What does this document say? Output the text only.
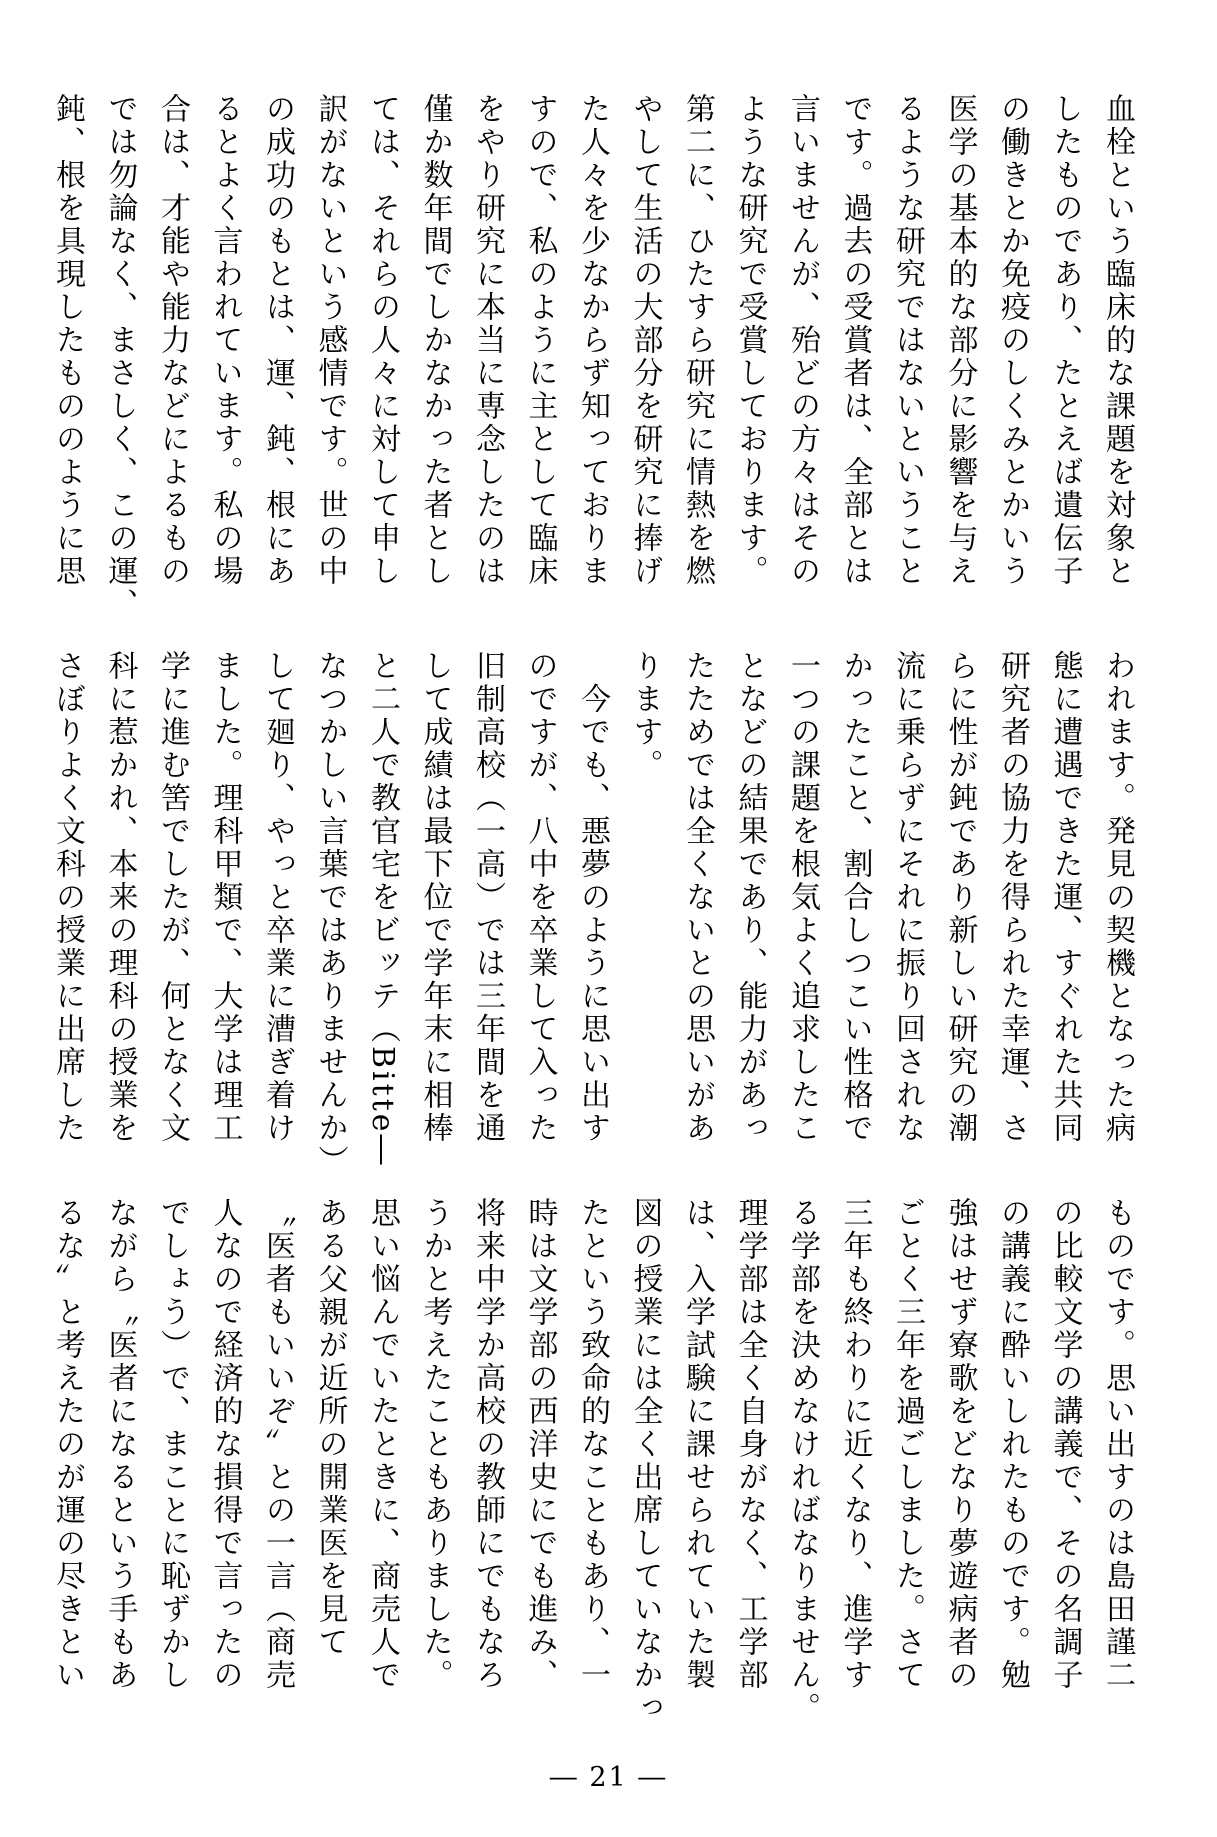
血栓という臨床的な課題を対象と

したものであり、たとえば遺伝子

の働きとか免疫のしくみとかいう

医学の基本的な部分に影響を与え

るような研究ではないということ

です。過去の受賞者は、全部とは

言いませんが、殆どの方々はその

ような研究で受賞しております。

第二に、ひたすら研究に情熱を燃

やして生活の大部分を研究に捧げ

た人々を少なからず知っておりま

すので、私のように主として臨床

をやり研究に本当に専念したのは

僅か数年間でしかなかった者とし

ては、それらの人々に対して申し

訳がないという感情です。世の中

の成功のもとは、運、鈍、根にあ

るとよく言われています。私の場

合は、才能や能力などによるもの

では勿論なく、まさしく、この運、

鈍、根を具現したもののように思

われます。発見の契機となった病

態に遭遇できた運、すぐれた共同

研究者の協力を得られた幸運、さ

らに性が鈍であり新しい研究の潮

流に乗らずにそれに振り回されな

かったこと、割合しつこい性格で

一つの課題を根気よく追求したこ

となどの結果であり、能力があっ

たためでは全くないとの思いがあ

ります。

　今でも、悪夢のように思い出す

のですが、八中を卒業して入った

旧制高校（一高）では三年間を通

して成績は最下位で学年末に相棒

と二人で教官宅をビッテ（Bitte―

なつかしい言葉ではありませんか）

して廻り、やっと卒業に漕ぎ着け

ました。理科甲類で、大学は理工

学に進む筈でしたが、何となく文

科に惹かれ、本来の理科の授業を

さぼりよく文科の授業に出席した

ものです。思い出すのは島田謹二

の比較文学の講義で、その名調子

の講義に酔いしれたものです。勉

強はせず寮歌をどなり夢遊病者の

ごとく三年を過ごしました。さて

三年も終わりに近くなり、進学す

る学部を決めなければなりません。

理学部は全く自身がなく、工学部

は、入学試験に課せられていた製

図の授業には全く出席していなかっ

たという致命的なこともあり、一

時は文学部の西洋史にでも進み、

将来中学か高校の教師にでもなろ

うかと考えたこともありました。

思い悩んでいたときに、商売人で

ある父親が近所の開業医を見て

〝医者もいいぞ〟との一言（商売

人なので経済的な損得で言ったの

でしょう）で、まことに恥ずかし

ながら〝医者になるという手もあ

るな〟と考えたのが運の尽きとい

― 21 ―
